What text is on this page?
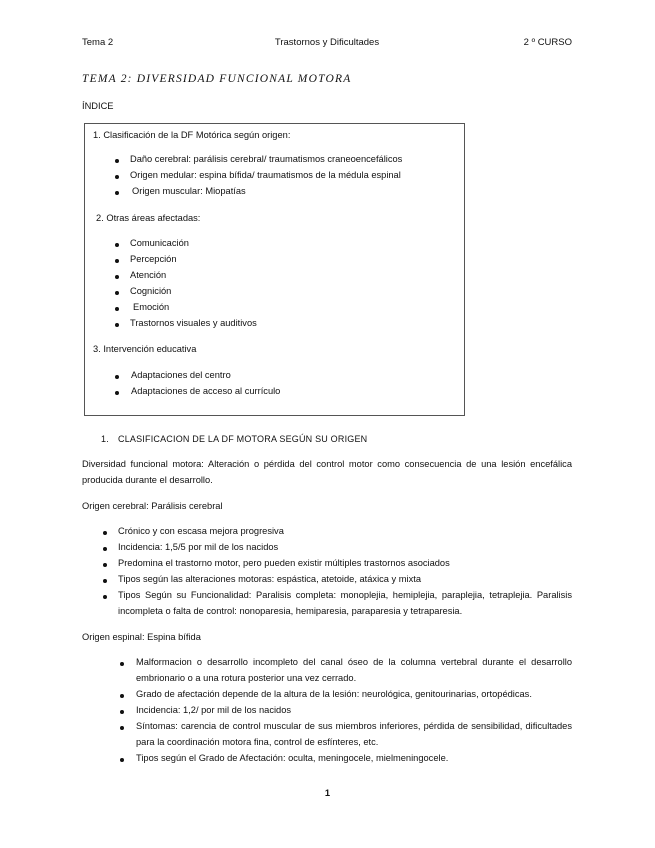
Tema 2	Trastornos y Dificultades	2 º CURSO
TEMA 2: DIVERSIDAD FUNCIONAL MOTORA
ÍNDICE
1. Clasificación de la DF Motórica según origen:
Daño cerebral: parálisis cerebral/ traumatismos craneoencefálicos
Origen medular: espina bífida/ traumatismos de la médula espinal
Origen muscular: Miopatías
2. Otras áreas afectadas:
Comunicación
Percepción
Atención
Cognición
Emoción
Trastornos visuales y auditivos
3. Intervención educativa
Adaptaciones del centro
Adaptaciones de acceso al currículo
1. CLASIFICACION DE LA DF MOTORA SEGÚN SU ORIGEN
Diversidad funcional motora: Alteración o pérdida del control motor como consecuencia de una lesión encefálica producida durante el desarrollo.
Origen cerebral: Parálisis cerebral
Crónico y con escasa mejora progresiva
Incidencia: 1,5/5 por mil de los nacidos
Predomina el trastorno motor, pero pueden existir múltiples trastornos asociados
Tipos según las alteraciones motoras: espástica, atetoide, atáxica y mixta
Tipos Según su Funcionalidad: Paralisis completa: monoplejia, hemiplejia, paraplejia, tetraplejia. Paralisis incompleta o falta de control: nonoparesia, hemiparesia, paraparesia y tetraparesia.
Origen espinal: Espina bífida
Malformacion o desarrollo incompleto del canal óseo de la columna vertebral durante el desarrollo embrionario o a una rotura posterior una vez cerrado.
Grado de afectación depende de la altura de la lesión: neurológica, genitourinarias, ortopédicas.
Incidencia: 1,2/ por mil de los nacidos
Síntomas: carencia de control muscular de sus miembros inferiores, pérdida de sensibilidad, dificultades para la coordinación motora fina, control de esfínteres, etc.
Tipos según el Grado de Afectación: oculta, meningocele, mielmeningocele.
1
